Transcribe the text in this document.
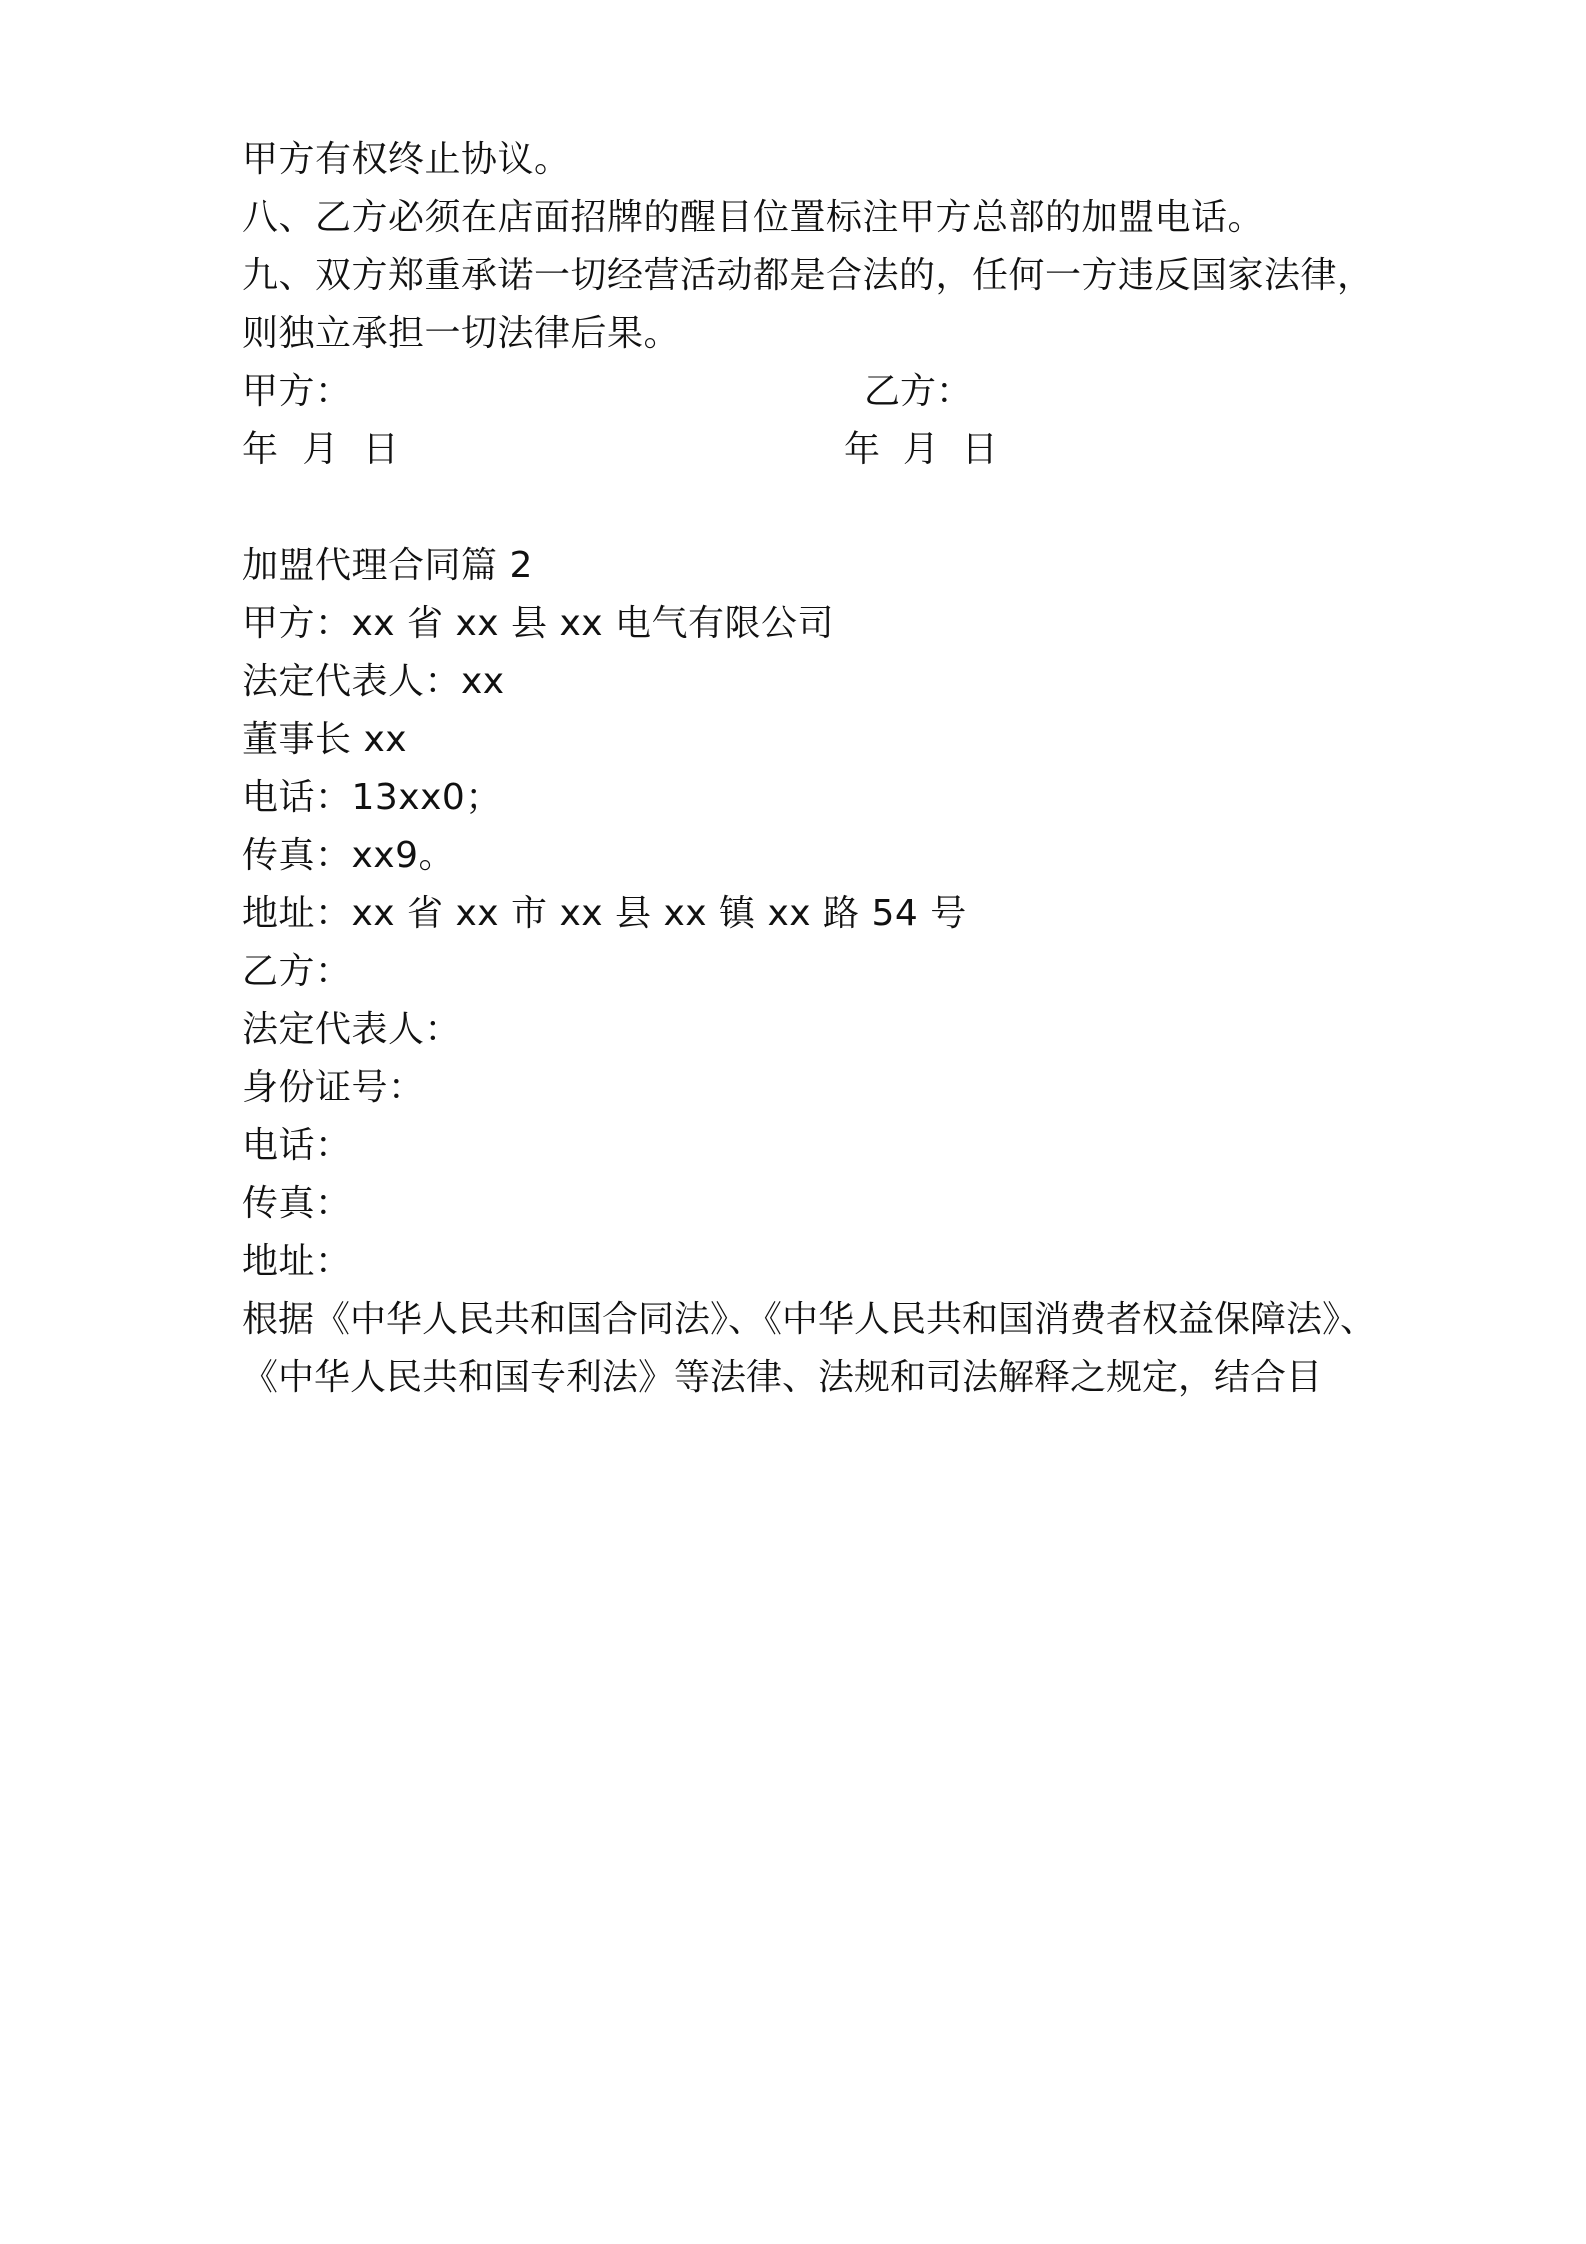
甲方有权终止协议。
八、乙方必须在店面招牌的醒目位置标注甲方总部的加盟电话。
九、双方郑重承诺一切经营活动都是合法的，任何一方违反国家法律，
则独立承担一切法律后果。
甲方：	乙方：
年  月  日	年  月  日
加盟代理合同篇 2
甲方：xx 省 xx 县 xx 电气有限公司
法定代表人：xx
董事长 xx
电话：13xx0；
传真：xx9。
地址：xx 省 xx 市 xx 县 xx 镇 xx 路 54 号
乙方：
法定代表人：
身份证号：
电话：
传真：
地址：
根据《中华人民共和国合同法》、《中华人民共和国消费者权益保障法》、
《中华人民共和国专利法》等法律、法规和司法解释之规定，结合目
